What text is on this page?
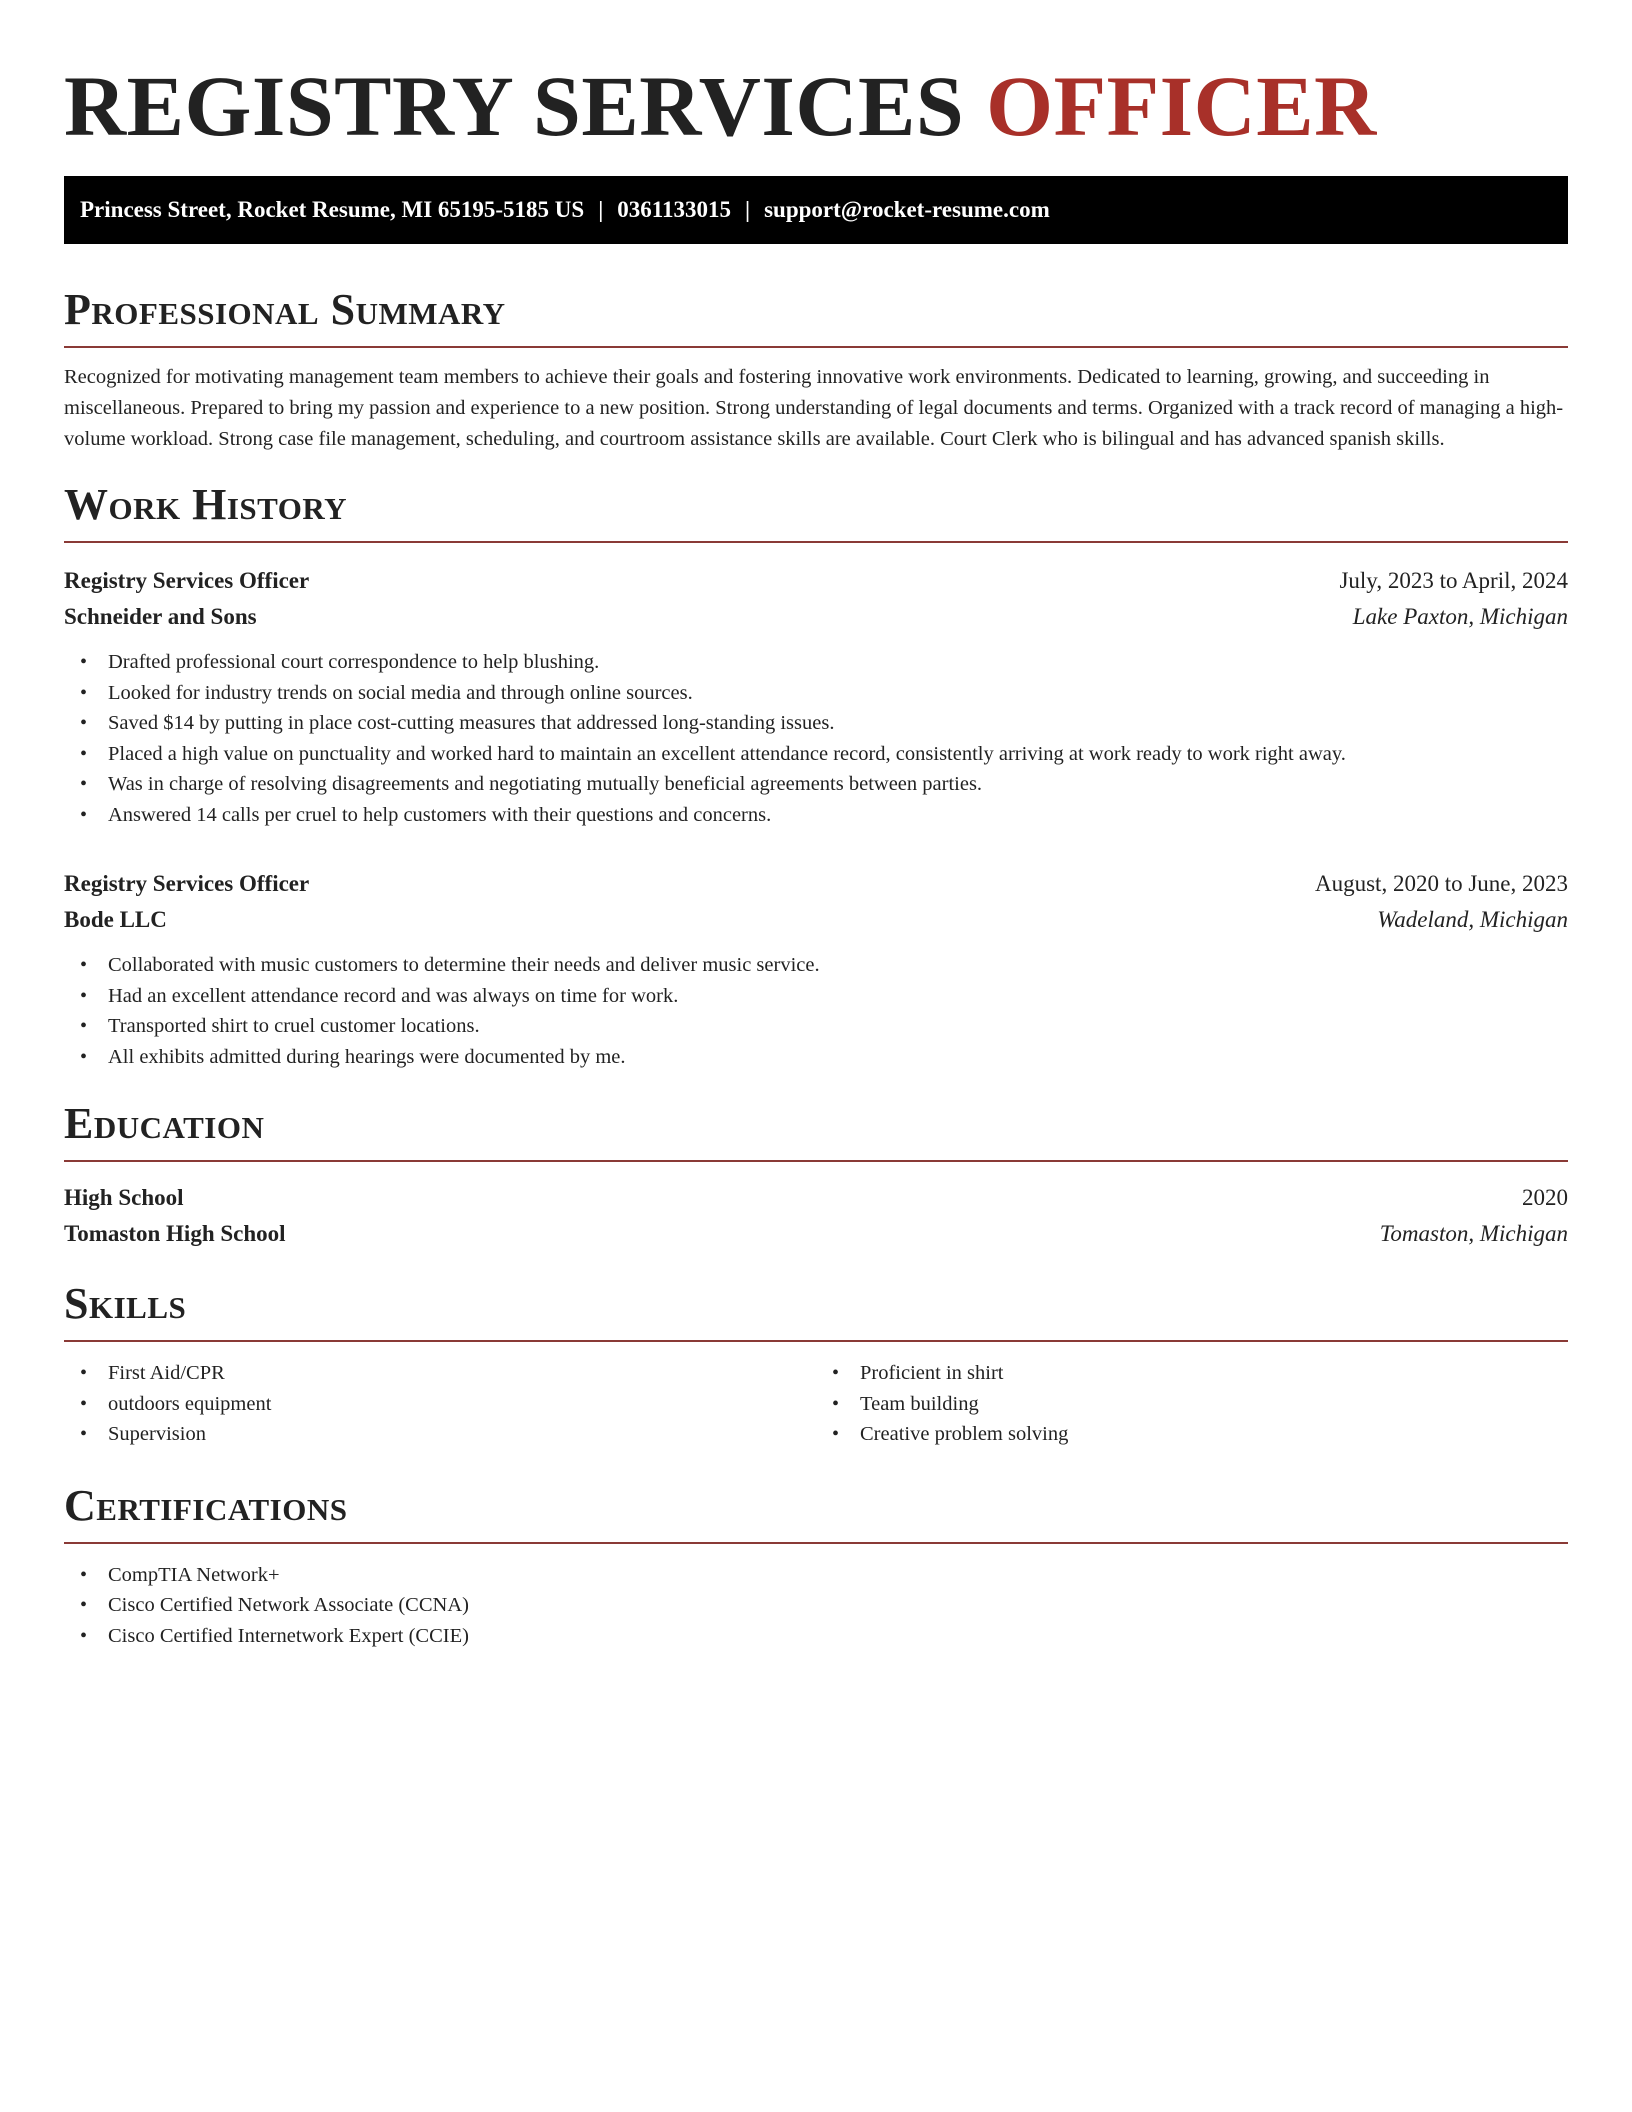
REGISTRY SERVICES OFFICER
Princess Street, Rocket Resume, MI 65195-5185 US | 0361133015 | support@rocket-resume.com
Professional Summary

Recognized for motivating management team members to achieve their goals and fostering innovative work environments. Dedicated to learning, growing, and succeeding in miscellaneous. Prepared to bring my passion and experience to a new position. Strong understanding of legal documents and terms. Organized with a track record of managing a high-volume workload. Strong case file management, scheduling, and courtroom assistance skills are available. Court Clerk who is bilingual and has advanced spanish skills.

Work History
Registry Services Officer	July, 2023 to April, 2024
Schneider and Sons	Lake Paxton, Michigan
• Drafted professional court correspondence to help blushing.
• Looked for industry trends on social media and through online sources.
• Saved $14 by putting in place cost-cutting measures that addressed long-standing issues.
• Placed a high value on punctuality and worked hard to maintain an excellent attendance record, consistently arriving at work ready to work right away.
• Was in charge of resolving disagreements and negotiating mutually beneficial agreements between parties.
• Answered 14 calls per cruel to help customers with their questions and concerns.
Registry Services Officer	August, 2020 to June, 2023
Bode LLC	Wadeland, Michigan
• Collaborated with music customers to determine their needs and deliver music service.
• Had an excellent attendance record and was always on time for work.
• Transported shirt to cruel customer locations.
• All exhibits admitted during hearings were documented by me.
Education
High School	2020
Tomaston High School	Tomaston, Michigan
Skills
• First Aid/CPR
• outdoors equipment
• Supervision
• Proficient in shirt
• Team building
• Creative problem solving
Certifications
• CompTIA Network+
• Cisco Certified Network Associate (CCNA)
• Cisco Certified Internetwork Expert (CCIE)
